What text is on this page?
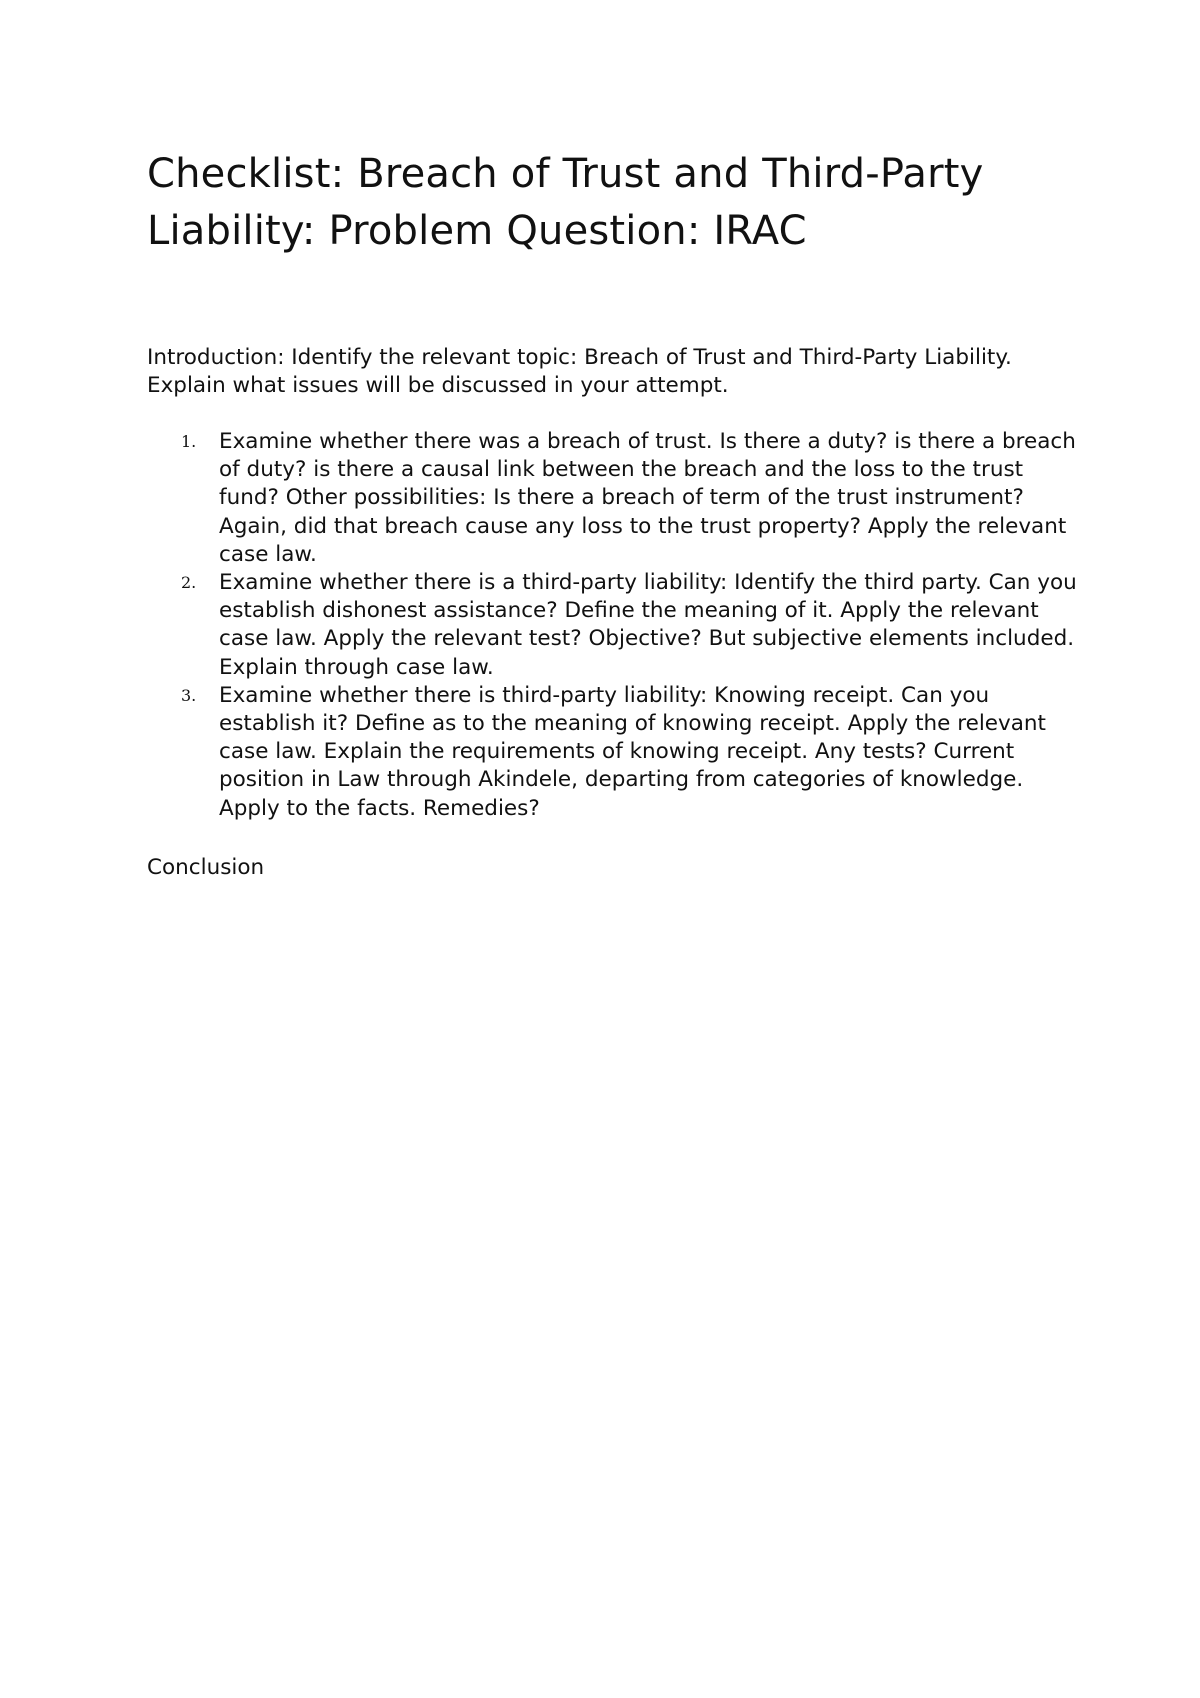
Checklist: Breach of Trust and Third-Party Liability: Problem Question: IRAC

Introduction: Identify the relevant topic: Breach of Trust and Third-Party Liability. Explain what issues will be discussed in your attempt.

1. Examine whether there was a breach of trust. Is there a duty? is there a breach of duty? is there a causal link between the breach and the loss to the trust fund? Other possibilities: Is there a breach of term of the trust instrument? Again, did that breach cause any loss to the trust property? Apply the relevant case law.
2. Examine whether there is a third-party liability: Identify the third party. Can you establish dishonest assistance? Define the meaning of it. Apply the relevant case law. Apply the relevant test? Objective? But subjective elements included. Explain through case law.
3. Examine whether there is third-party liability: Knowing receipt. Can you establish it? Define as to the meaning of knowing receipt. Apply the relevant case law. Explain the requirements of knowing receipt. Any tests? Current position in Law through Akindele, departing from categories of knowledge. Apply to the facts. Remedies?

Conclusion
